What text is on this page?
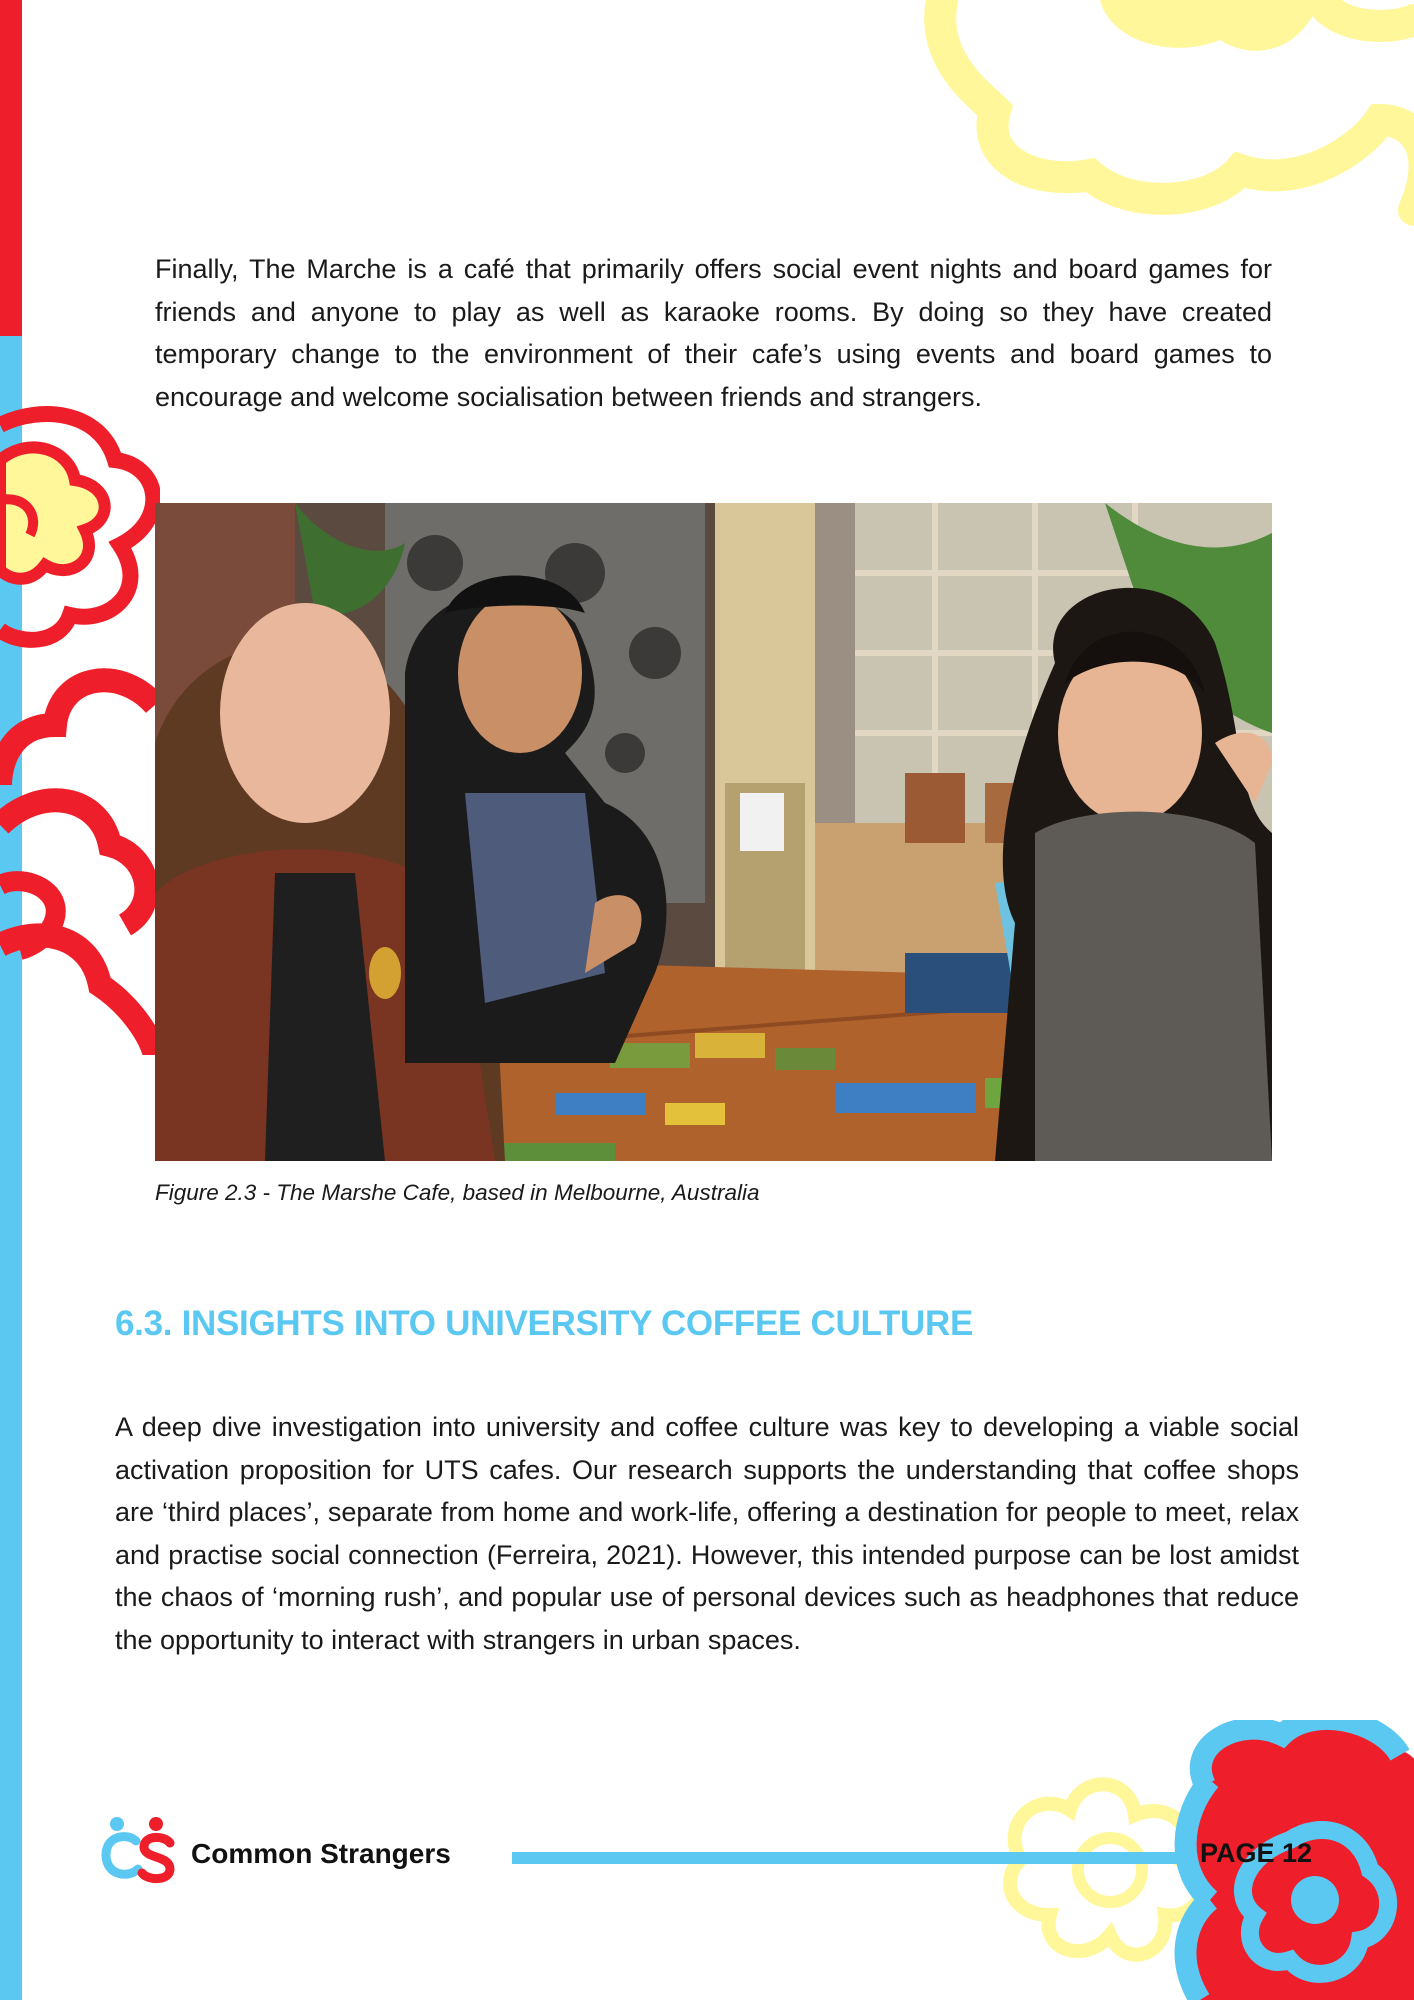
Finally, The Marche is a café that primarily offers social event nights and board games for friends and anyone to play as well as karaoke rooms. By doing so they have created temporary change to the environment of their cafe’s using events and board games to encourage and welcome socialisation between friends and strangers.

Figure 2.3 - The Marshe Cafe, based in Melbourne, Australia

6.3. INSIGHTS INTO UNIVERSITY COFFEE CULTURE

A deep dive investigation into university and coffee culture was key to developing a viable social activation proposition for UTS cafes. Our research supports the understanding that coffee shops are ‘third places’, separate from home and work-life, offering a destination for people to meet, relax and practise social connection (Ferreira, 2021). However, this intended purpose can be lost amidst the chaos of ‘morning rush’, and popular use of personal devices such as headphones that reduce the opportunity to interact with strangers in urban spaces.

Common Strangers	PAGE 12
